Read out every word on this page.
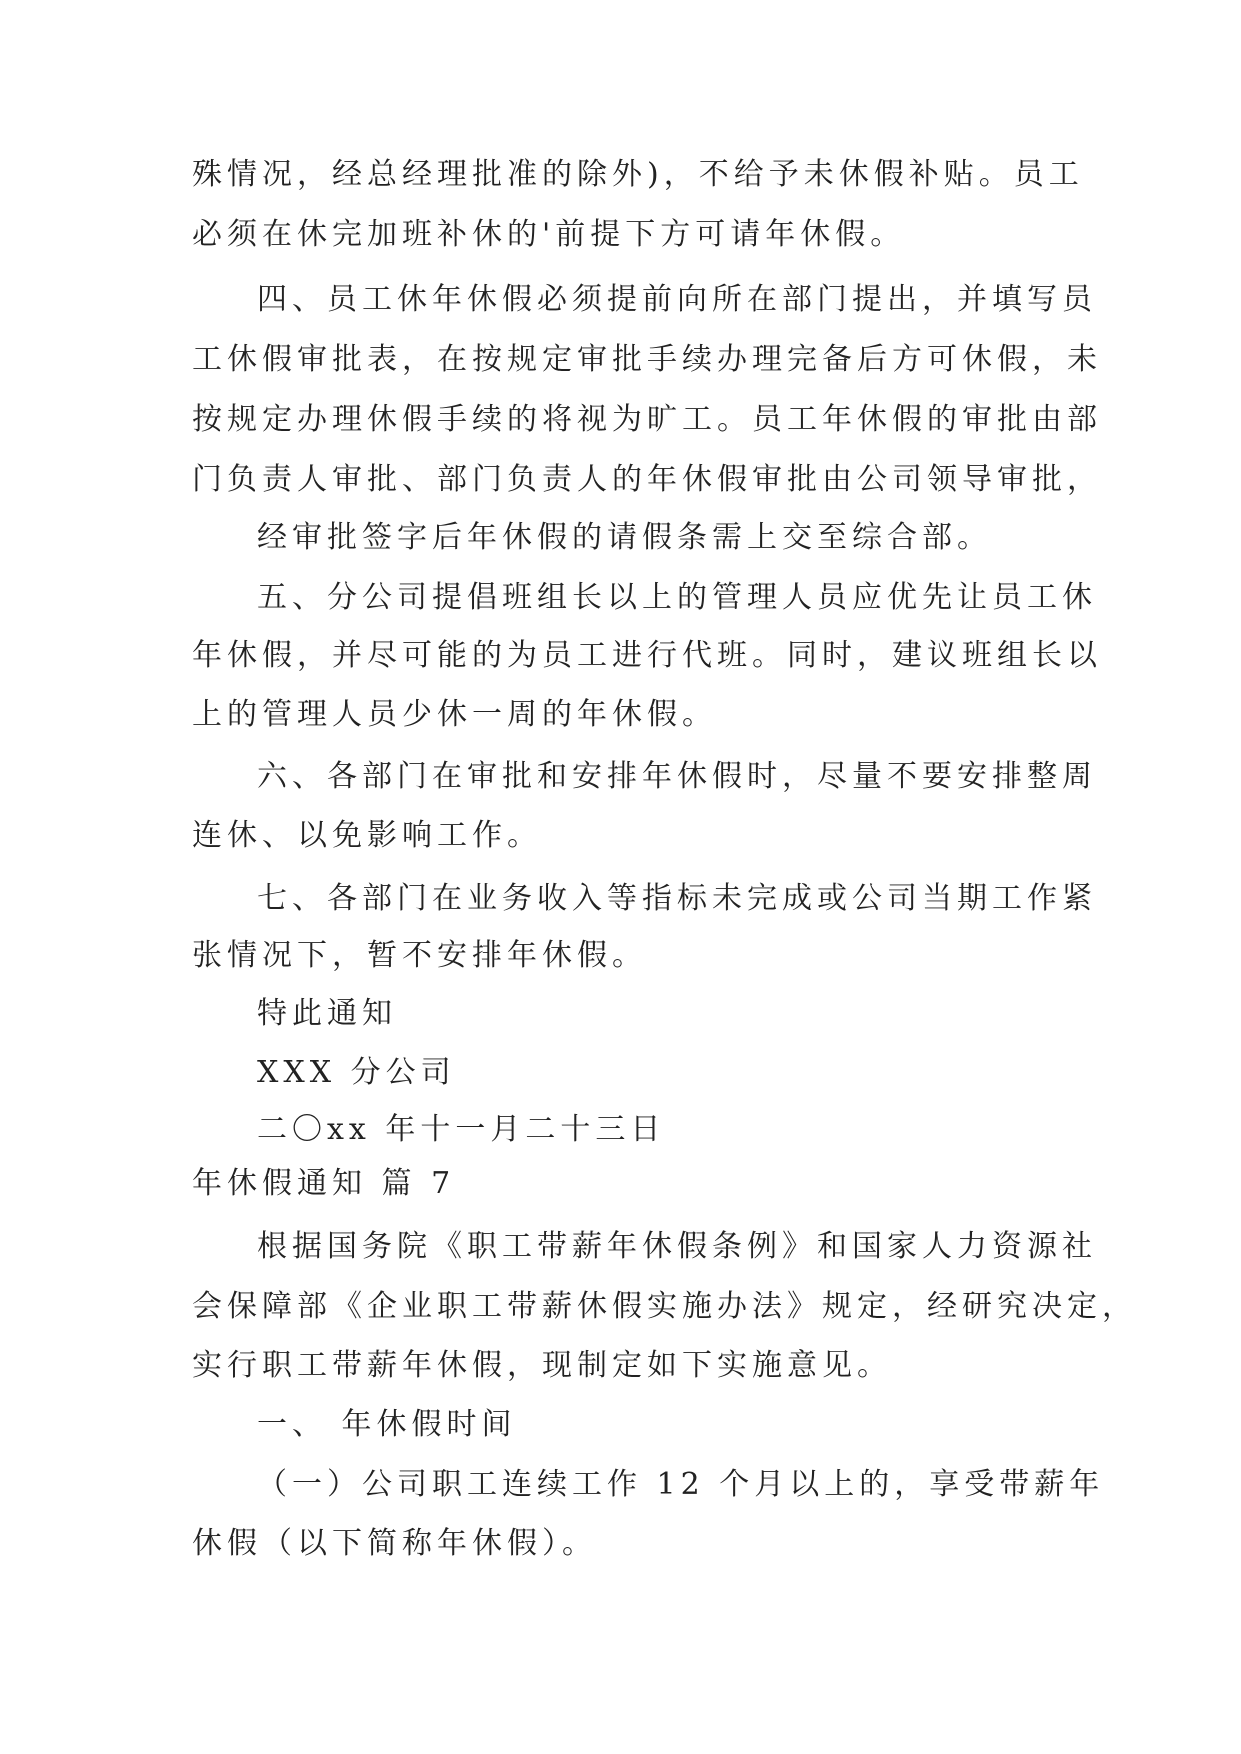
殊情况，经总经理批准的除外)，不给予未休假补贴。员工
必须在休完加班补休的'前提下方可请年休假。
四、员工休年休假必须提前向所在部门提出，并填写员
工休假审批表，在按规定审批手续办理完备后方可休假，未
按规定办理休假手续的将视为旷工。员工年休假的审批由部
门负责人审批、部门负责人的年休假审批由公司领导审批，
经审批签字后年休假的请假条需上交至综合部。
五、分公司提倡班组长以上的管理人员应优先让员工休
年休假，并尽可能的为员工进行代班。同时，建议班组长以
上的管理人员少休一周的年休假。
六、各部门在审批和安排年休假时，尽量不要安排整周
连休、以免影响工作。
七、各部门在业务收入等指标未完成或公司当期工作紧
张情况下，暂不安排年休假。
特此通知
XXX 分公司
二〇xx 年十一月二十三日
年休假通知 篇 7
根据国务院《职工带薪年休假条例》和国家人力资源社
会保障部《企业职工带薪休假实施办法》规定，经研究决定，
实行职工带薪年休假，现制定如下实施意见。
一、 年休假时间
（一）公司职工连续工作 12 个月以上的，享受带薪年
休假（以下简称年休假）。
